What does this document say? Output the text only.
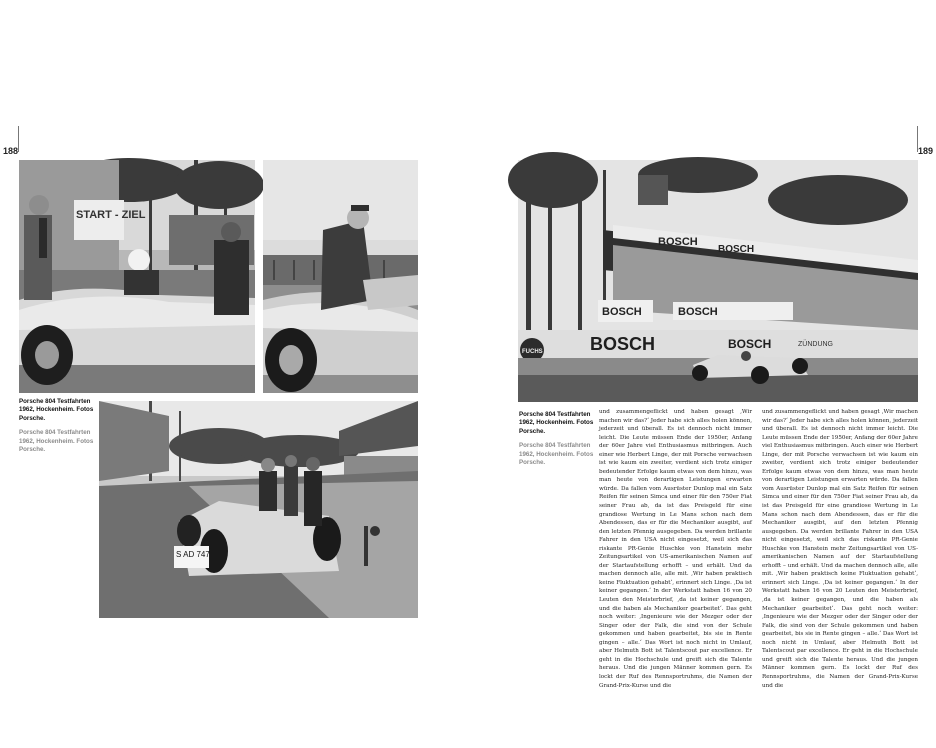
188	189
START - ZIEL
Porsche 804 Testfahrten 1962, Hockenheim. Fotos Porsche.
Porsche 804 Testfahrten 1962, Hockenheim. Fotos Porsche.
S AD 747
BOSCH
BOSCH
BOSCH	BOSCH
BOSCH	BOSCH
FUCHS
ZÜNDUNG
Porsche 804 Testfahrten 1962, Hockenheim. Fotos Porsche.
Porsche 804 Testfahrten 1962, Hockenheim. Fotos Porsche.

und zusammengeflickt und haben gesagt ‚Wir machen wir das?‘ Jeder habe sich alles holen können, jederzeit und überall. Es ist dennoch nicht immer leicht. Die Leute müssen Ende der 1950er, Anfang der 60er Jahre viel Enthusiasmus mitbringen. Auch einer wie Herbert Linge, der mit Porsche verwachsen ist wie kaum ein zweiter, verdient sich trotz einiger bedeutender Erfolge kaum etwas von dem hinzu, was man heute von derartigen Leistungen erwarten würde. Da fallen vom Ausrüster Dunlop mal ein Satz Reifen für seinen Simca und einer für den 750er Fiat seiner Frau ab, da ist das Preisgeld für eine grandiose Wertung in Le Mans schon nach dem Abendessen, das er für die Mechaniker ausgibt, auf den letzten Pfennig ausgegeben. Da werden brillante Fahrer in den USA nicht eingesetzt, weil sich das riskante PR-Genie Huschke von Hanstein mehr Zeitungsartikel von US-amerikanischen Namen auf der Startaufstellung erhofft – und erhält. Und da machen dennoch alle, alle mit. ‚Wir haben praktisch keine Fluktuation gehabt‘, erinnert sich Linge. ‚Da ist keiner gegangen.‘ In der Werkstatt haben 16 von 20 Leuten den Meisterbrief, ‚da ist keiner gegangen, und die haben als Mechaniker gearbeitet‘. Das geht noch weiter: ‚Ingenieure wie der Mezger oder der Singer oder der Falk, die sind von der Schule gekommen und haben gearbeitet, bis sie in Rente gingen – alle.‘ Das Wort ist noch nicht in Umlauf, aber Helmuth Bott ist Talentscout par excellence. Er geht in die Hochschule und greift sich die Talente heraus. Und die jungen Männer kommen gern. Es lockt der Ruf des Rennsportruhms, die Namen der Grand-Prix-Kurse und die

und zusammengeflickt und haben gesagt ‚Wir machen wir das?‘ Jeder habe sich alles holen können, jederzeit und überall. Es ist dennoch nicht immer leicht. Die Leute müssen Ende der 1950er, Anfang der 60er Jahre viel Enthusiasmus mitbringen. Auch einer wie Herbert Linge, der mit Porsche verwachsen ist wie kaum ein zweiter, verdient sich trotz einiger bedeutender Erfolge kaum etwas von dem hinzu, was man heute von derartigen Leistungen erwarten würde. Da fallen vom Ausrüster Dunlop mal ein Satz Reifen für seinen Simca und einer für den 750er Fiat seiner Frau ab, da ist das Preisgeld für eine grandiose Wertung in Le Mans schon nach dem Abendessen, das er für die Mechaniker ausgibt, auf den letzten Pfennig ausgegeben. Da werden brillante Fahrer in den USA nicht eingesetzt, weil sich das riskante PR-Genie Huschke von Hanstein mehr Zeitungsartikel von US-amerikanischen Namen auf der Startaufstellung erhofft – und erhält. Und da machen dennoch alle, alle mit. ‚Wir haben praktisch keine Fluktuation gehabt‘, erinnert sich Linge. ‚Da ist keiner gegangen.‘ In der Werkstatt haben 16 von 20 Leuten den Meisterbrief, ‚da ist keiner gegangen, und die haben als Mechaniker gearbeitet‘. Das geht noch weiter: ‚Ingenieure wie der Mezger oder der Singer oder der Falk, die sind von der Schule gekommen und haben gearbeitet, bis sie in Rente gingen – alle.‘ Das Wort ist noch nicht in Umlauf, aber Helmuth Bott ist Talentscout par excellence. Er geht in die Hochschule und greift sich die Talente heraus. Und die jungen Männer kommen gern. Es lockt der Ruf des Rennsportruhms, die Namen der Grand-Prix-Kurse und die
